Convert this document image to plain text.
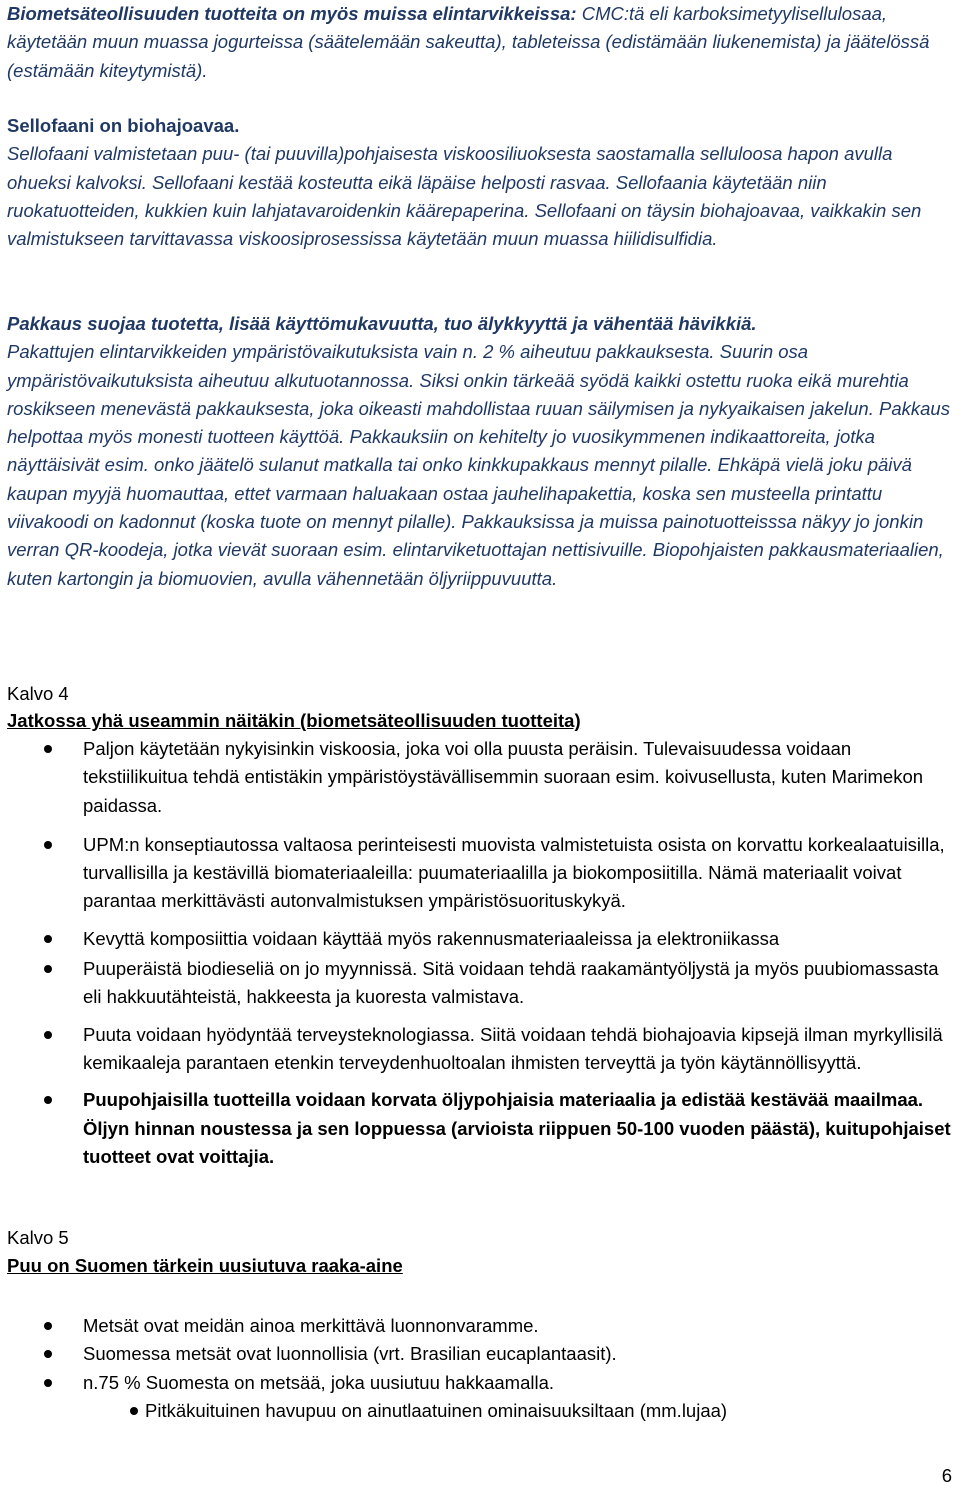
Biometsäteollisuuden tuotteita on myös muissa elintarvikkeissa: CMC:tä eli karboksimetyylisellulosaa, käytetään muun muassa jogurteissa (säätelemään sakeutta), tableteissa (edistämään liukenemista) ja jäätelössä (estämään kiteytymistä).

Sellofaani on biohajoavaa.

Sellofaani valmistetaan puu- (tai puuvilla)pohjaisesta viskoosiliuoksesta saostamalla selluloosa hapon avulla ohueksi kalvoksi. Sellofaani kestää kosteutta eikä läpäise helposti rasvaa. Sellofaania käytetään niin ruokatuotteiden, kukkien kuin lahjatavaroidenkin käärepaperina. Sellofaani on täysin biohajoavaa, vaikkakin sen valmistukseen tarvittavassa viskoosiprosessissa käytetään muun muassa hiilidisulfidia.

Pakkaus suojaa tuotetta, lisää käyttömukavuutta, tuo älykkyyttä ja vähentää hävikkiä.

Pakattujen elintarvikkeiden ympäristövaikutuksista vain n. 2 % aiheutuu pakkauksesta. Suurin osa ympäristövaikutuksista aiheutuu alkutuotannossa. Siksi onkin tärkeää syödä kaikki ostettu ruoka eikä murehtia roskikseen menevästä pakkauksesta, joka oikeasti mahdollistaa ruuan säilymisen ja nykyaikaisen jakelun. Pakkaus helpottaa myös monesti tuotteen käyttöä. Pakkauksiin on kehitelty jo vuosikymmenen indikaattoreita, jotka näyttäisivät esim. onko jäätelö sulanut matkalla tai onko kinkkupakkaus mennyt pilalle. Ehkäpä vielä joku päivä kaupan myyjä huomauttaa, ettet varmaan haluakaan ostaa jauhelihapakettia, koska sen musteella printattu viivakoodi on kadonnut (koska tuote on mennyt pilalle). Pakkauksissa ja muissa painotuotteisssa näkyy jo jonkin verran QR-koodeja, jotka vievät suoraan esim. elintarviketuottajan nettisivuille. Biopohjaisten pakkausmateriaalien, kuten kartongin ja biomuovien, avulla vähennetään öljyriippuvuutta.

Kalvo 4
Jatkossa yhä useammin näitäkin (biometsäteollisuuden tuotteita)
Paljon käytetään nykyisinkin viskoosia, joka voi olla puusta peräisin. Tulevaisuudessa voidaan tekstiilikuitua tehdä entistäkin ympäristöystävällisemmin suoraan esim. koivusellusta, kuten Marimekon paidassa.
UPM:n konseptiautossa valtaosa perinteisesti muovista valmistetuista osista on korvattu korkealaatuisilla, turvallisilla ja kestävillä biomateriaaleilla: puumateriaalilla ja biokomposiitilla. Nämä materiaalit voivat parantaa merkittävästi autonvalmistuksen ympäristösuorituskykyä.
Kevyttä komposiittia voidaan käyttää myös rakennusmateriaaleissa ja elektroniikassa
Puuperäistä biodieseliä on jo myynnissä. Sitä voidaan tehdä raakamäntyöljystä ja myös puubiomassasta eli hakkuutähteistä, hakkeesta ja kuoresta valmistava.
Puuta voidaan hyödyntää terveysteknologiassa. Siitä voidaan tehdä biohajoavia kipsejä ilman myrkyllisilä kemikaaleja parantaen etenkin terveydenhuoltoalan ihmisten terveyttä ja työn käytännöllisyyttä.
Puupohjaisilla tuotteilla voidaan korvata öljypohjaisia materiaalia ja edistää kestävää maailmaa. Öljyn hinnan noustessa ja sen loppuessa (arvioista riippuen 50-100 vuoden päästä), kuitupohjaiset tuotteet ovat voittajia.
Kalvo 5
Puu on Suomen tärkein uusiutuva raaka-aine
Metsät ovat meidän ainoa merkittävä luonnonvaramme.
Suomessa metsät ovat luonnollisia (vrt. Brasilian eucaplantaasit).
n.75 % Suomesta on metsää, joka uusiutuu hakkaamalla.
Pitkäkuituinen havupuu on ainutlaatuinen ominaisuuksiltaan (mm.lujaa)
6
